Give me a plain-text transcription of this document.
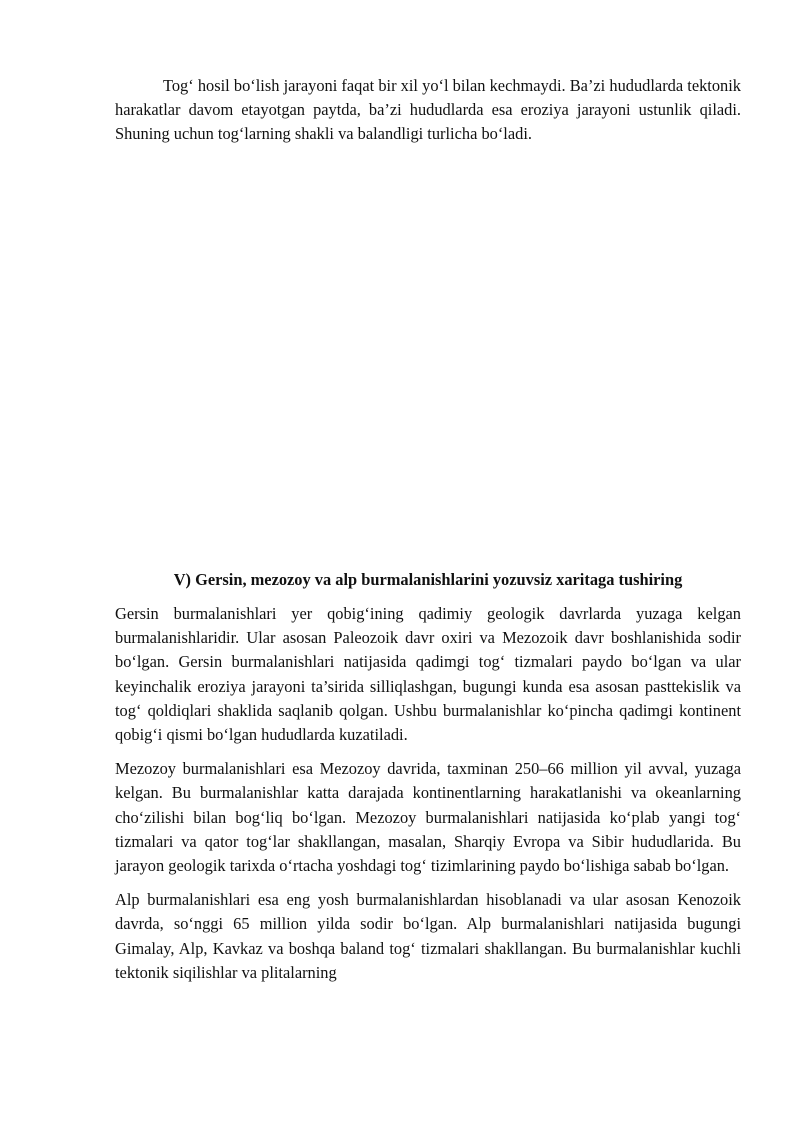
Tog‘ hosil bo‘lish jarayoni faqat bir xil yo‘l bilan kechmaydi. Ba’zi hududlarda tektonik harakatlar davom etayotgan paytda, ba’zi hududlarda esa eroziya jarayoni ustunlik qiladi. Shuning uchun tog‘larning shakli va balandligi turlicha bo‘ladi.

V) Gersin, mezozoy va alp burmalanishlarini yozuvsiz xaritaga tushiring

Gersin burmalanishlari yer qobig‘ining qadimiy geologik davrlarda yuzaga kelgan burmalanishlaridir. Ular asosan Paleozoik davr oxiri va Mezozoik davr boshlanishida sodir bo‘lgan. Gersin burmalanishlari natijasida qadimgi tog‘ tizmalari paydo bo‘lgan va ular keyinchalik eroziya jarayoni ta’sirida silliqlashgan, bugungi kunda esa asosan pasttekislik va tog‘ qoldiqlari shaklida saqlanib qolgan. Ushbu burmalanishlar ko‘pincha qadimgi kontinent qobig‘i qismi bo‘lgan hududlarda kuzatiladi.

Mezozoy burmalanishlari esa Mezozoy davrida, taxminan 250–66 million yil avval, yuzaga kelgan. Bu burmalanishlar katta darajada kontinentlarning harakatlanishi va okeanlarning cho‘zilishi bilan bog‘liq bo‘lgan. Mezozoy burmalanishlari natijasida ko‘plab yangi tog‘ tizmalari va qator tog‘lar shakllangan, masalan, Sharqiy Evropa va Sibir hududlarida. Bu jarayon geologik tarixda o‘rtacha yoshdagi tog‘ tizimlarining paydo bo‘lishiga sabab bo‘lgan.

Alp burmalanishlari esa eng yosh burmalanishlardan hisoblanadi va ular asosan Kenozoik davrda, so‘nggi 65 million yilda sodir bo‘lgan. Alp burmalanishlari natijasida bugungi Gimalay, Alp, Kavkaz va boshqa baland tog‘ tizmalari shakllangan. Bu burmalanishlar kuchli tektonik siqilishlar va plitalarning
